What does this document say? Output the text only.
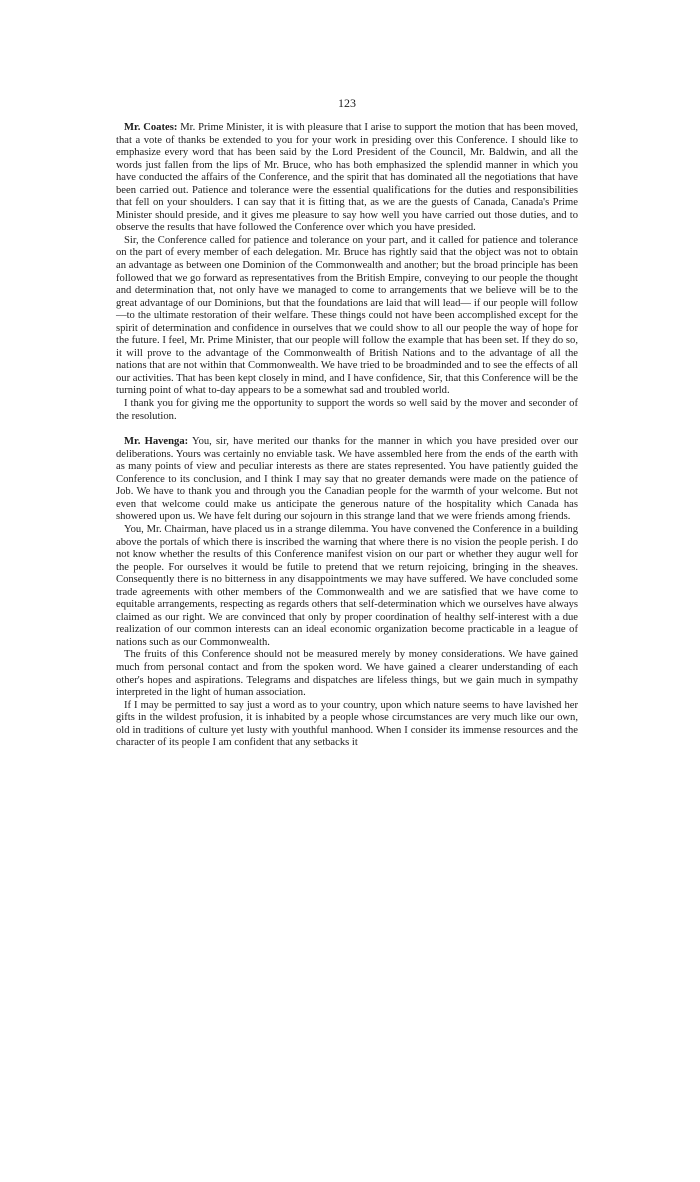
123

Mr. Coates: Mr. Prime Minister, it is with pleasure that I arise to support the motion that has been moved, that a vote of thanks be extended to you for your work in presiding over this Conference. I should like to emphasize every word that has been said by the Lord President of the Council, Mr. Baldwin, and all the words just fallen from the lips of Mr. Bruce, who has both emphasized the splendid manner in which you have conducted the affairs of the Conference, and the spirit that has dominated all the negotiations that have been carried out. Patience and tolerance were the essential qualifications for the duties and responsibilities that fell on your shoulders. I can say that it is fitting that, as we are the guests of Canada, Canada's Prime Minister should preside, and it gives me pleasure to say how well you have carried out those duties, and to observe the results that have followed the Conference over which you have presided.

Sir, the Conference called for patience and tolerance on your part, and it called for patience and tolerance on the part of every member of each delegation. Mr. Bruce has rightly said that the object was not to obtain an advantage as between one Dominion of the Commonwealth and another; but the broad principle has been followed that we go forward as representatives from the British Empire, conveying to our people the thought and determination that, not only have we managed to come to arrangements that we believe will be to the great advantage of our Dominions, but that the foundations are laid that will lead— if our people will follow—to the ultimate restoration of their welfare. These things could not have been accomplished except for the spirit of determination and confidence in ourselves that we could show to all our people the way of hope for the future. I feel, Mr. Prime Minister, that our people will follow the example that has been set. If they do so, it will prove to the advantage of the Commonwealth of British Nations and to the advantage of all the nations that are not within that Commonwealth. We have tried to be broadminded and to see the effects of all our activities. That has been kept closely in mind, and I have confidence, Sir, that this Conference will be the turning point of what to-day appears to be a somewhat sad and troubled world.

I thank you for giving me the opportunity to support the words so well said by the mover and seconder of the resolution.

Mr. Havenga: You, sir, have merited our thanks for the manner in which you have presided over our deliberations. Yours was certainly no enviable task. We have assembled here from the ends of the earth with as many points of view and peculiar interests as there are states represented. You have patiently guided the Conference to its conclusion, and I think I may say that no greater demands were made on the patience of Job. We have to thank you and through you the Canadian people for the warmth of your welcome. But not even that welcome could make us anticipate the generous nature of the hospitality which Canada has showered upon us. We have felt during our sojourn in this strange land that we were friends among friends.

You, Mr. Chairman, have placed us in a strange dilemma. You have convened the Conference in a building above the portals of which there is inscribed the warning that where there is no vision the people perish. I do not know whether the results of this Conference manifest vision on our part or whether they augur well for the people. For ourselves it would be futile to pretend that we return rejoicing, bringing in the sheaves. Consequently there is no bitterness in any disappointments we may have suffered. We have concluded some trade agreements with other members of the Commonwealth and we are satisfied that we have come to equitable arrangements, respecting as regards others that self-determination which we ourselves have always claimed as our right. We are convinced that only by proper coordination of healthy self-interest with a due realization of our common interests can an ideal economic organization become practicable in a league of nations such as our Commonwealth.

The fruits of this Conference should not be measured merely by money considerations. We have gained much from personal contact and from the spoken word. We have gained a clearer understanding of each other's hopes and aspirations. Telegrams and dispatches are lifeless things, but we gain much in sympathy interpreted in the light of human association.

If I may be permitted to say just a word as to your country, upon which nature seems to have lavished her gifts in the wildest profusion, it is inhabited by a people whose circumstances are very much like our own, old in traditions of culture yet lusty with youthful manhood. When I consider its immense resources and the character of its people I am confident that any setbacks it
